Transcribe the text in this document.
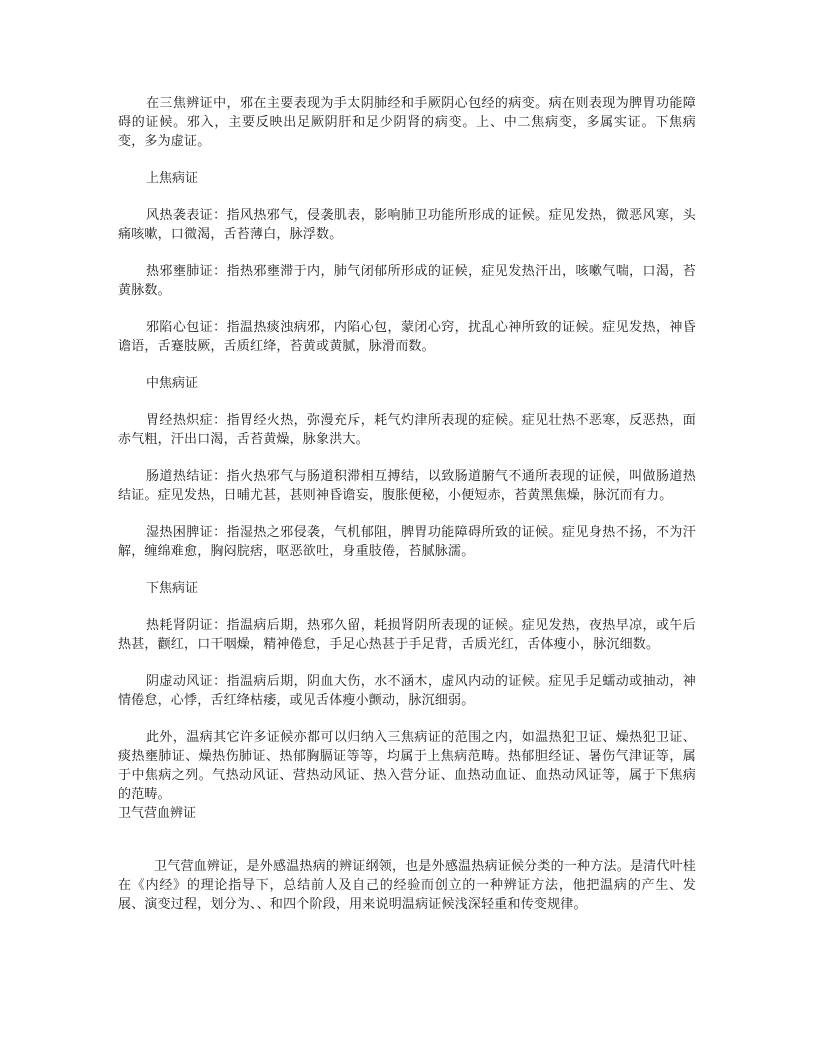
在三焦辨证中，邪在主要表现为手太阴肺经和手厥阴心包经的病变。病在则表现为脾胃功能障碍的证候。邪入，主要反映出足厥阴肝和足少阴肾的病变。上、中二焦病变，多属实证。下焦病变，多为虚证。

上焦病证

风热袭表证：指风热邪气，侵袭肌表，影响肺卫功能所形成的证候。症见发热，微恶风寒，头痛咳嗽，口微渴，舌苔薄白，脉浮数。

热邪壅肺证：指热邪壅滞于内，肺气闭郁所形成的证候，症见发热汗出，咳嗽气喘，口渴，苔黄脉数。

邪陷心包证：指温热痰浊病邪，内陷心包，蒙闭心窍，扰乱心神所致的证候。症见发热，神昏谵语，舌蹇肢厥，舌质红绛，苔黄或黄腻，脉滑而数。

中焦病证

胃经热炽症：指胃经火热，弥漫充斥，耗气灼津所表现的症候。症见壮热不恶寒，反恶热，面赤气粗，汗出口渴，舌苔黄燥，脉象洪大。

肠道热结证：指火热邪气与肠道积滞相互搏结，以致肠道腑气不通所表现的证候，叫做肠道热结证。症见发热，日晡尤甚，甚则神昏谵妄，腹胀便秘，小便短赤，苔黄黑焦燥，脉沉而有力。

湿热困脾证：指湿热之邪侵袭，气机郁阻，脾胃功能障碍所致的证候。症见身热不扬，不为汗解，缠绵难愈，胸闷脘痞，呕恶欲吐，身重肢倦，苔腻脉濡。

下焦病证

热耗肾阴证：指温病后期，热邪久留，耗损肾阴所表现的证候。症见发热，夜热早凉，或午后热甚，颧红，口干咽燥，精神倦怠，手足心热甚于手足背，舌质光红，舌体瘦小，脉沉细数。

阴虚动风证：指温病后期，阴血大伤，水不涵木，虚风内动的证候。症见手足蠕动或抽动，神情倦怠，心悸，舌红绛枯痿，或见舌体瘦小颤动，脉沉细弱。

此外，温病其它许多证候亦都可以归纳入三焦病证的范围之内，如温热犯卫证、燥热犯卫证、痰热壅肺证、燥热伤肺证、热郁胸膈证等等，均属于上焦病范畴。热郁胆经证、暑伤气津证等，属于中焦病之列。气热动风证、营热动风证、热入营分证、血热动血证、血热动风证等，属于下焦病的范畴。

卫气营血辨证

卫气营血辨证，是外感温热病的辨证纲领，也是外感温热病证候分类的一种方法。是清代叶桂在《内经》的理论指导下，总结前人及自己的经验而创立的一种辨证方法，他把温病的产生、发展、演变过程，划分为、、和四个阶段，用来说明温病证候浅深轻重和传变规律。
